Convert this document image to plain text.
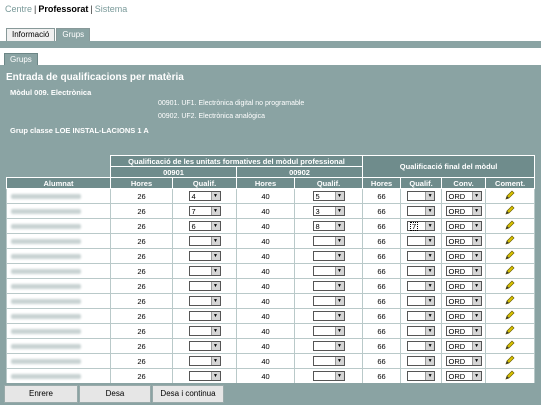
Centre | Professorat | Sistema
Informació Grups
Grups
Entrada de qualificacions per matèria
Mòdul 009. Electrònica
00901. UF1. Electrònica digital no programable
00902. UF2. Electrònica analògica
Grup classe LOE INSTAL-LACIONS 1 A
	Qualificació de les unitats formatives del mòdul professional				Qualificació final del mòdul			
	00901		00902					
Alumnat	Hores	Qualif.	Hores	Qualif.	Hores	Qualif.	Conv.	Coment.

	26	4 ▼	40	5 ▼	66	▼	ORD ▼

	26	7 ▼	40	3 ▼	66	▼	ORD ▼

	26	6 ▼	40	8 ▼	66	7 ▼	ORD ▼

	26	▼	40	▼	66	▼	ORD ▼

	26	▼	40	▼	66	▼	ORD ▼

	26	▼	40	▼	66	▼	ORD ▼

	26	▼	40	▼	66	▼	ORD ▼

	26	▼	40	▼	66	▼	ORD ▼

	26	▼	40	▼	66	▼	ORD ▼

	26	▼	40	▼	66	▼	ORD ▼

	26	▼	40	▼	66	▼	ORD ▼

	26	▼	40	▼	66	▼	ORD ▼

	26	▼	40	▼	66	▼	ORD ▼

Enrere	Desa	Desa i continua
